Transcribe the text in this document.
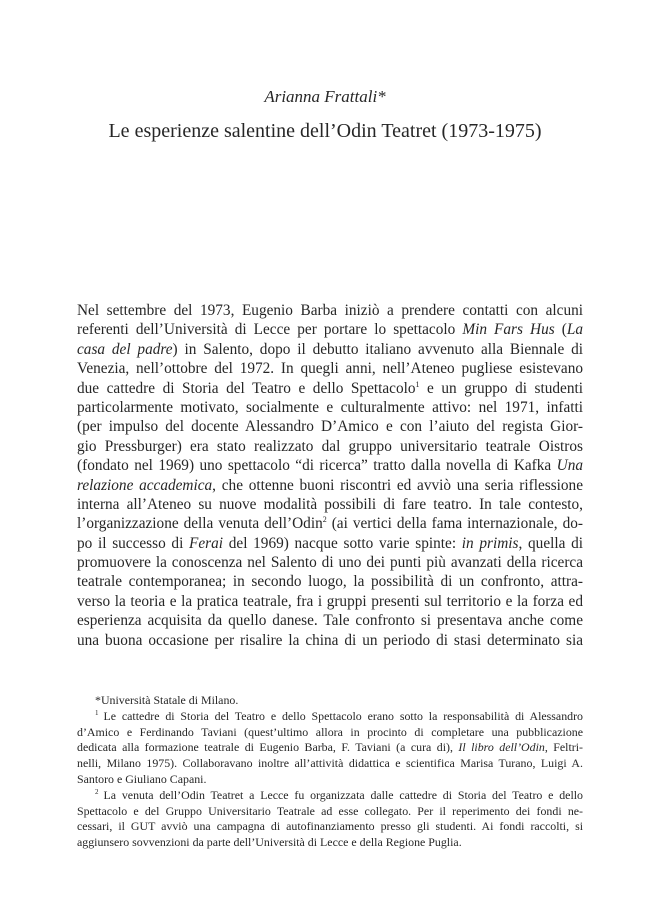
Arianna Frattali*
Le esperienze salentine dell’Odin Teatret (1973-1975)
Nel settembre del 1973, Eugenio Barba iniziò a prendere contatti con alcuni
referenti dell’Università di Lecce per portare lo spettacolo Min Fars Hus (La
casa del padre) in Salento, dopo il debutto italiano avvenuto alla Biennale di
Venezia, nell’ottobre del 1972. In quegli anni, nell’Ateneo pugliese esistevano
due cattedre di Storia del Teatro e dello Spettacolo$^1$ e un gruppo di studenti
particolarmente motivato, socialmente e culturalmente attivo: nel 1971, infatti
(per impulso del docente Alessandro D’Amico e con l’aiuto del regista Gior-
gio Pressburger) era stato realizzato dal gruppo universitario teatrale Oistros
(fondato nel 1969) uno spettacolo “di ricerca” tratto dalla novella di Kafka Una
relazione accademica, che ottenne buoni riscontri ed avviò una seria riflessione
interna all’Ateneo su nuove modalità possibili di fare teatro. In tale contesto,
l’organizzazione della venuta dell’Odin$^2$ (ai vertici della fama internazionale, do-
po il successo di Ferai del 1969) nacque sotto varie spinte: in primis, quella di
promuovere la conoscenza nel Salento di uno dei punti più avanzati della ricerca
teatrale contemporanea; in secondo luogo, la possibilità di un confronto, attra-
verso la teoria e la pratica teatrale, fra i gruppi presenti sul territorio e la forza ed
esperienza acquisita da quello danese. Tale confronto si presentava anche come
una buona occasione per risalire la china di un periodo di stasi determinato sia
*Università Statale di Milano.
$^1$ Le cattedre di Storia del Teatro e dello Spettacolo erano sotto la responsabilità di Alessandro
d’Amico e Ferdinando Taviani (quest’ultimo allora in procinto di completare una pubblicazione
dedicata alla formazione teatrale di Eugenio Barba, F. Taviani (a cura di), Il libro dell’Odin, Feltri-
nelli, Milano 1975). Collaboravano inoltre all’attività didattica e scientifica Marisa Turano, Luigi A.
Santoro e Giuliano Capani.
$^2$ La venuta dell’Odin Teatret a Lecce fu organizzata dalle cattedre di Storia del Teatro e dello
Spettacolo e del Gruppo Universitario Teatrale ad esse collegato. Per il reperimento dei fondi ne-
cessari, il GUT avviò una campagna di autofinanziamento presso gli studenti. Ai fondi raccolti, si
aggiunsero sovvenzioni da parte dell’Università di Lecce e della Regione Puglia.
